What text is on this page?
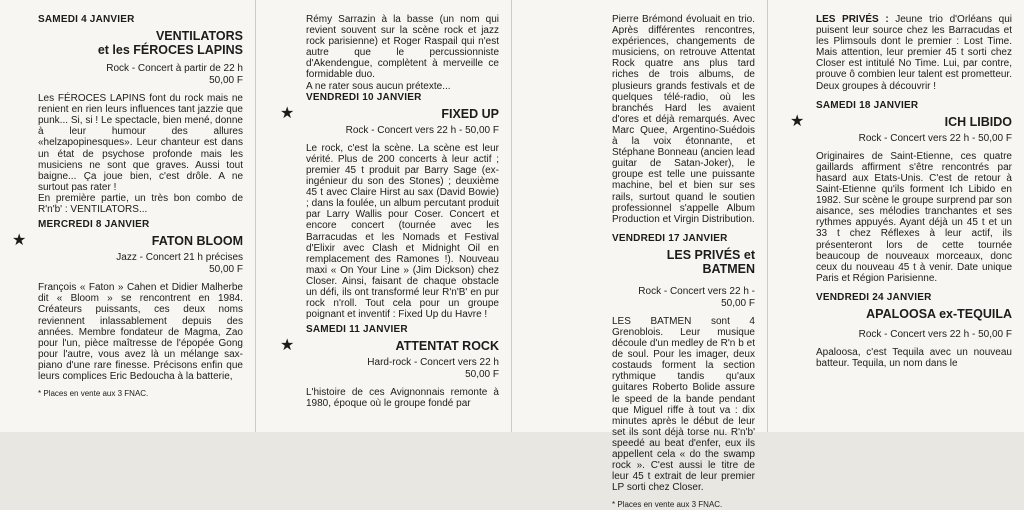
SAMEDI 4 JANVIER
VENTILATORS
et les FÉROCES LAPINS
Rock - Concert à partir de 22 h
50,00 F

Les FÉROCES LAPINS font du rock mais ne renient en rien leurs influences tant jazzie que punk... Si, si ! Le spectacle, bien mené, donne à leur humour des allures «helzapopinesques». Leur chanteur est dans un état de psychose profonde mais les musiciens ne sont que graves. Aussi tout baigne... Ça joue bien, c'est drôle. A ne surtout pas rater !

En première partie, un très bon combo de R'n'b' : VENTILATORS...

MERCREDI 8 JANVIER
★	FATON BLOOM
Jazz - Concert 21 h précises
50,00 F
François « Faton » Cahen et Didier Malherbe dit « Bloom » se rencontrent en 1984. Créateurs puissants, ces deux noms reviennent inlassablement depuis des années. Membre fondateur de Magma, Zao pour l'un, pièce maîtresse de l'épopée Gong pour l'autre, vous avez là un mélange sax-piano d'une rare finesse. Précisons enfin que leurs complices Eric Bedoucha à la batterie,
* Places en vente aux 3 FNAC.

Rémy Sarrazin à la basse (un nom qui revient souvent sur la scène rock et jazz rock parisienne) et Roger Raspail qui n'est autre que le percussionniste d'Akendengue, complètent à merveille ce formidable duo.

A ne rater sous aucun prétexte...

VENDREDI 10 JANVIER
★	FIXED UP
Rock - Concert vers 22 h - 50,00 F
Le rock, c'est la scène. La scène est leur vérité. Plus de 200 concerts à leur actif ; premier 45 t produit par Barry Sage (ex-ingénieur du son des Stones) ; deuxième 45 t avec Claire Hirst au sax (David Bowie) ; dans la foulée, un album percutant produit par Larry Wallis pour Coser. Concert et encore concert (tournée avec les Barracudas et les Nomads et Festival d'Elixir avec Clash et Midnight Oil en remplacement des Ramones !). Nouveau maxi « On Your Line » (Jim Dickson) chez Closer. Ainsi, faisant de chaque obstacle un défi, ils ont transformé leur R'n'B' en pur rock n'roll. Tout cela pour un groupe poignant et inventif : Fixed Up du Havre !
SAMEDI 11 JANVIER
★	ATTENTAT ROCK
Hard-rock - Concert vers 22 h
50,00 F
L'histoire de ces Avignonnais remonte à 1980, époque où le groupe fondé par
Pierre Brémond évoluait en trio. Après différentes rencontres, expériences, changements de musiciens, on retrouve Attentat Rock quatre ans plus tard riches de trois albums, de plusieurs grands festivals et de quelques télé-radio, où les branchés Hard les avaient d'ores et déjà remarqués. Avec Marc Quee, Argentino-Suédois à la voix étonnante, et Stéphane Bonneau (ancien lead guitar de Satan-Joker), le groupe est telle une puissante machine, bel et bien sur ses rails, surtout quand le soutien professionnel s'appelle Album Production et Virgin Distribution.
VENDREDI 17 JANVIER
LES PRIVÉS et BATMEN
Rock - Concert vers 22 h - 50,00 F
LES BATMEN sont 4 Grenoblois. Leur musique découle d'un medley de R'n b et de soul. Pour les imager, deux costauds forment la section rythmique tandis qu'aux guitares Roberto Bolide assure le speed de la bande pendant que Miguel riffe à tout va : dix minutes après le début de leur set ils sont déjà torse nu. R'n'b' speedé au beat d'enfer, eux ils appellent cela « do the swamp rock ». C'est aussi le titre de leur 45 t extrait de leur premier LP sorti chez Closer.
* Places en vente aux 3 FNAC.
LES PRIVÉS : Jeune trio d'Orléans qui puisent leur source chez les Barracudas et les Plimsouls dont le premier : Lost Time. Mais attention, leur premier 45 t sorti chez Closer est intitulé No Time. Lui, par contre, prouve ô combien leur talent est prometteur. Deux groupes à découvrir !
SAMEDI 18 JANVIER
★	ICH LIBIDO
Rock - Concert vers 22 h - 50,00 F
Originaires de Saint-Etienne, ces quatre gaillards affirment s'être rencontrés par hasard aux Etats-Unis. C'est de retour à Saint-Etienne qu'ils forment Ich Libido en 1982. Sur scène le groupe surprend par son aisance, ses mélodies tranchantes et ses rythmes appuyés. Ayant déjà un 45 t et un 33 t chez Réflexes à leur actif, ils présenteront lors de cette tournée beaucoup de nouveaux morceaux, donc ceux du nouveau 45 t à venir. Date unique Paris et Région Parisienne.
VENDREDI 24 JANVIER
APALOOSA ex-TEQUILA
Rock - Concert vers 22 h - 50,00 F
Apaloosa, c'est Tequila avec un nouveau batteur. Tequila, un nom dans le
